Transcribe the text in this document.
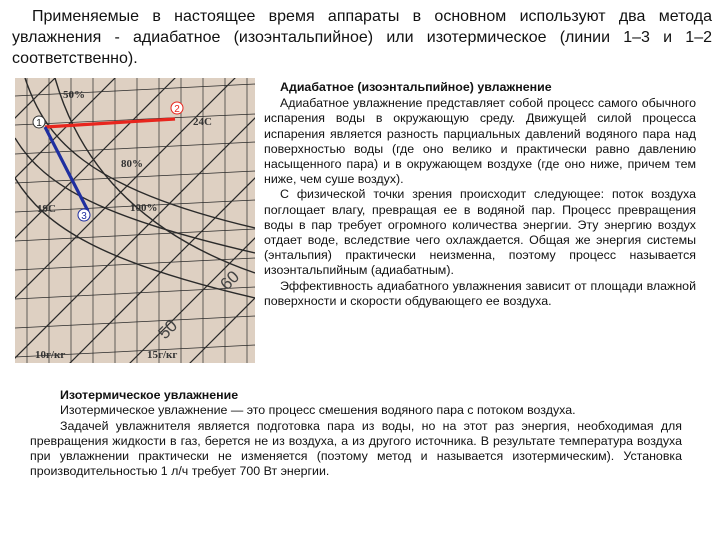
Применяемые в настоящее время аппараты в основном используют два метода увлажнения - адиабатное (изоэнтальпийное) или изотермическое (линии 1–3 и 1–2 соответственно).

50%
80%
100%
24С
19С
60
50
10г/кг	15г/кг
1
2
3

Адиабатное (изоэнтальпийное) увлажнение

Адиабатное увлажнение представляет собой процесс самого обычного испарения воды в окружающую среду. Движущей силой процесса испарения является разность парциальных давлений водяного пара над поверхностью воды (где оно велико и практически равно давлению насыщенного пара) и в окружающем воздухе (где оно ниже, причем тем ниже, чем суше воздух).

С физической точки зрения происходит следующее: поток воздуха поглощает влагу, превращая ее в водяной пар. Процесс превращения воды в пар требует огромного количества энергии. Эту энергию воздух отдает воде, вследствие чего охлаждается. Общая же энергия системы (энтальпия) практически неизменна, поэтому процесс называется изоэнтальпийным (адиабатным).

Эффективность адиабатного увлажнения зависит от площади влажной поверхности и скорости обдувающего ее воздуха.

Изотермическое увлажнение

Изотермическое увлажнение — это процесс смешения водяного пара с потоком воздуха.

Задачей увлажнителя является подготовка пара из воды, но на этот раз энергия, необходимая для превращения жидкости в газ, берется не из воздуха, а из другого источника. В результате температура воздуха при увлажнении практически не изменяется (поэтому метод и называется изотермическим). Установка производительностью 1 л/ч требует 700 Вт энергии.
